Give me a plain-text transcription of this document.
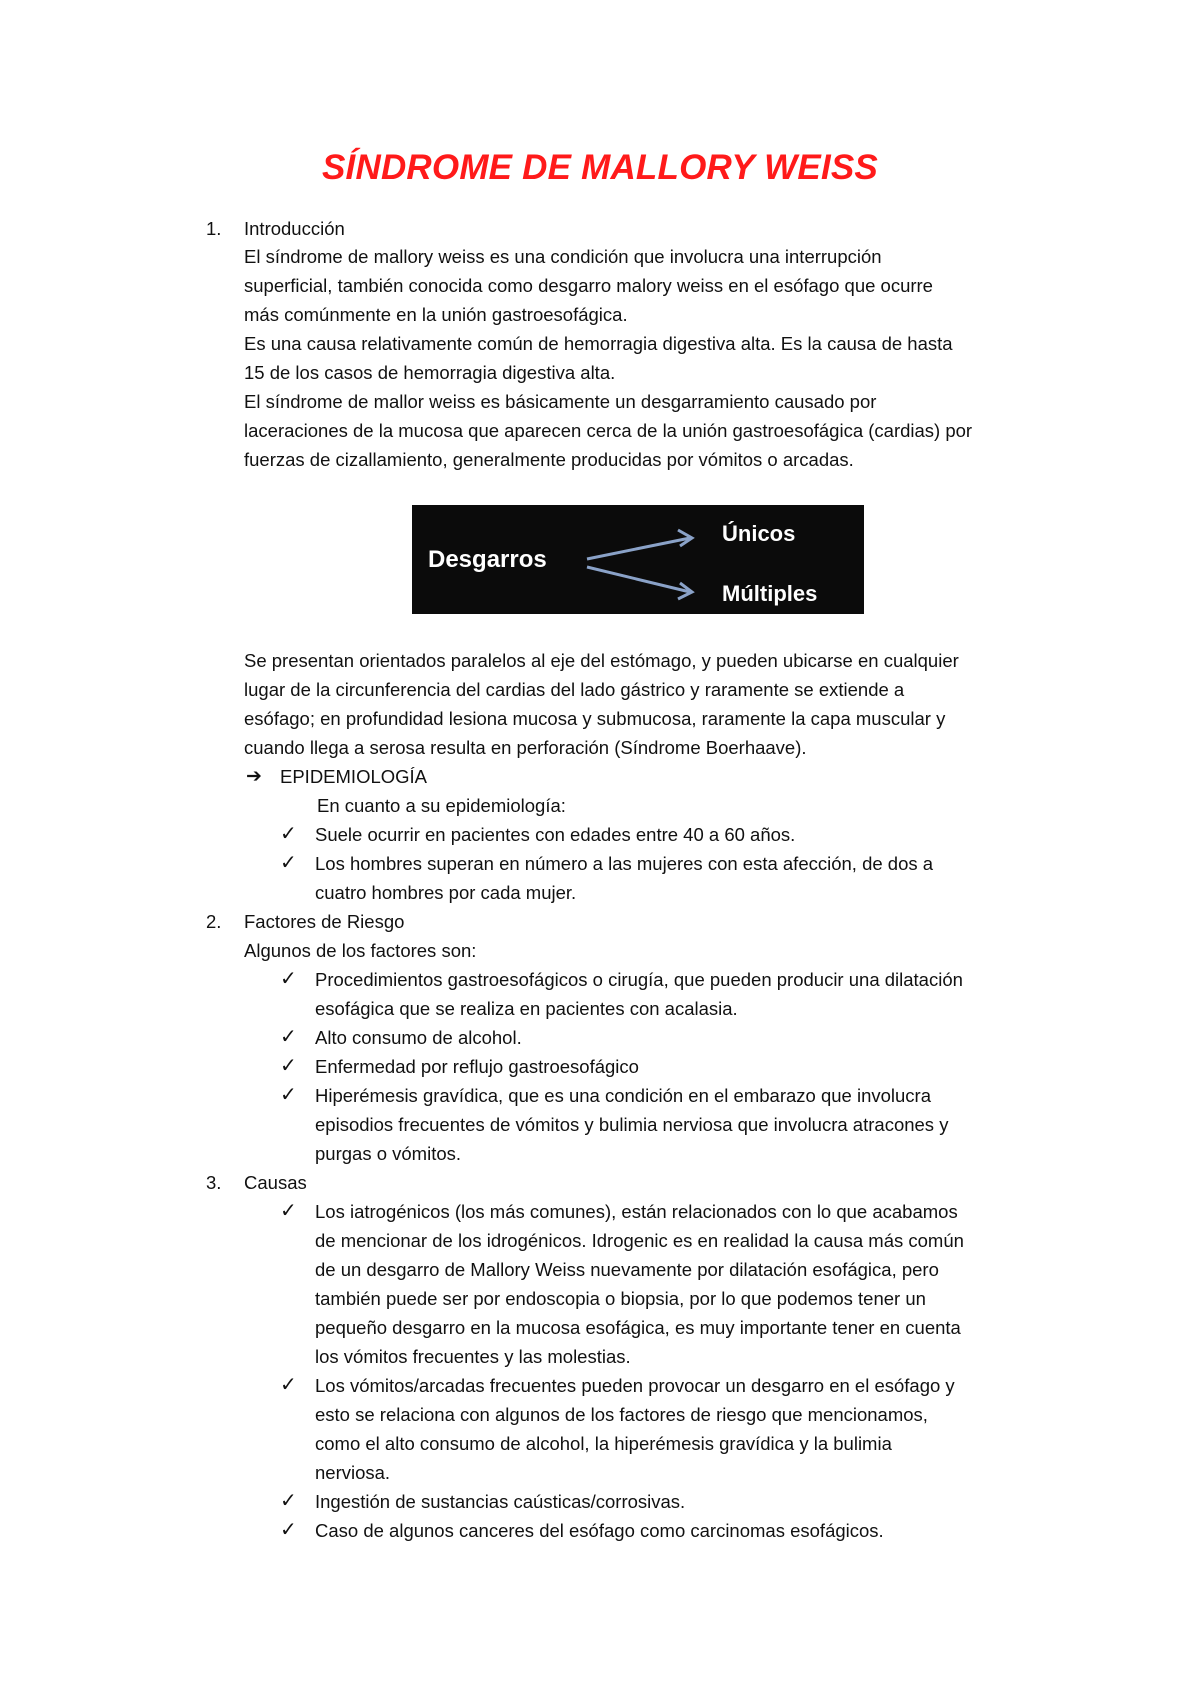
SÍNDROME DE MALLORY WEISS
1. Introducción
El síndrome de mallory weiss es una condición que involucra una interrupción
superficial, también conocida como desgarro malory weiss en el esófago que ocurre
más comúnmente en la unión gastroesofágica.
Es una causa relativamente común de hemorragia digestiva alta. Es la causa de hasta
15 de los casos de hemorragia digestiva alta.
El síndrome de mallor weiss es básicamente un desgarramiento causado por
laceraciones de la mucosa que aparecen cerca de la unión gastroesofágica (cardias) por
fuerzas de cizallamiento, generalmente producidas por vómitos o arcadas.
Desgarros
Únicos
Múltiples
Se presentan orientados paralelos al eje del estómago, y pueden ubicarse en cualquier
lugar de la circunferencia del cardias del lado gástrico y raramente se extiende a
esófago; en profundidad lesiona mucosa y submucosa, raramente la capa muscular y
cuando llega a serosa resulta en perforación (Síndrome Boerhaave).
➔ EPIDEMIOLOGÍA
En cuanto a su epidemiología:
✓ Suele ocurrir en pacientes con edades entre 40 a 60 años.
✓ Los hombres superan en número a las mujeres con esta afección, de dos a
cuatro hombres por cada mujer.
2. Factores de Riesgo
Algunos de los factores son:
✓ Procedimientos gastroesofágicos o cirugía, que pueden producir una dilatación
esofágica que se realiza en pacientes con acalasia.
✓ Alto consumo de alcohol.
✓ Enfermedad por reflujo gastroesofágico
✓ Hiperémesis gravídica, que es una condición en el embarazo que involucra
episodios frecuentes de vómitos y bulimia nerviosa que involucra atracones y
purgas o vómitos.
3. Causas
✓ Los iatrogénicos (los más comunes), están relacionados con lo que acabamos
de mencionar de los idrogénicos. Idrogenic es en realidad la causa más común
de un desgarro de Mallory Weiss nuevamente por dilatación esofágica, pero
también puede ser por endoscopia o biopsia, por lo que podemos tener un
pequeño desgarro en la mucosa esofágica, es muy importante tener en cuenta
los vómitos frecuentes y las molestias.
✓ Los vómitos/arcadas frecuentes pueden provocar un desgarro en el esófago y
esto se relaciona con algunos de los factores de riesgo que mencionamos,
como el alto consumo de alcohol, la hiperémesis gravídica y la bulimia
nerviosa.
✓ Ingestión de sustancias caústicas/corrosivas.
✓ Caso de algunos canceres del esófago como carcinomas esofágicos.
